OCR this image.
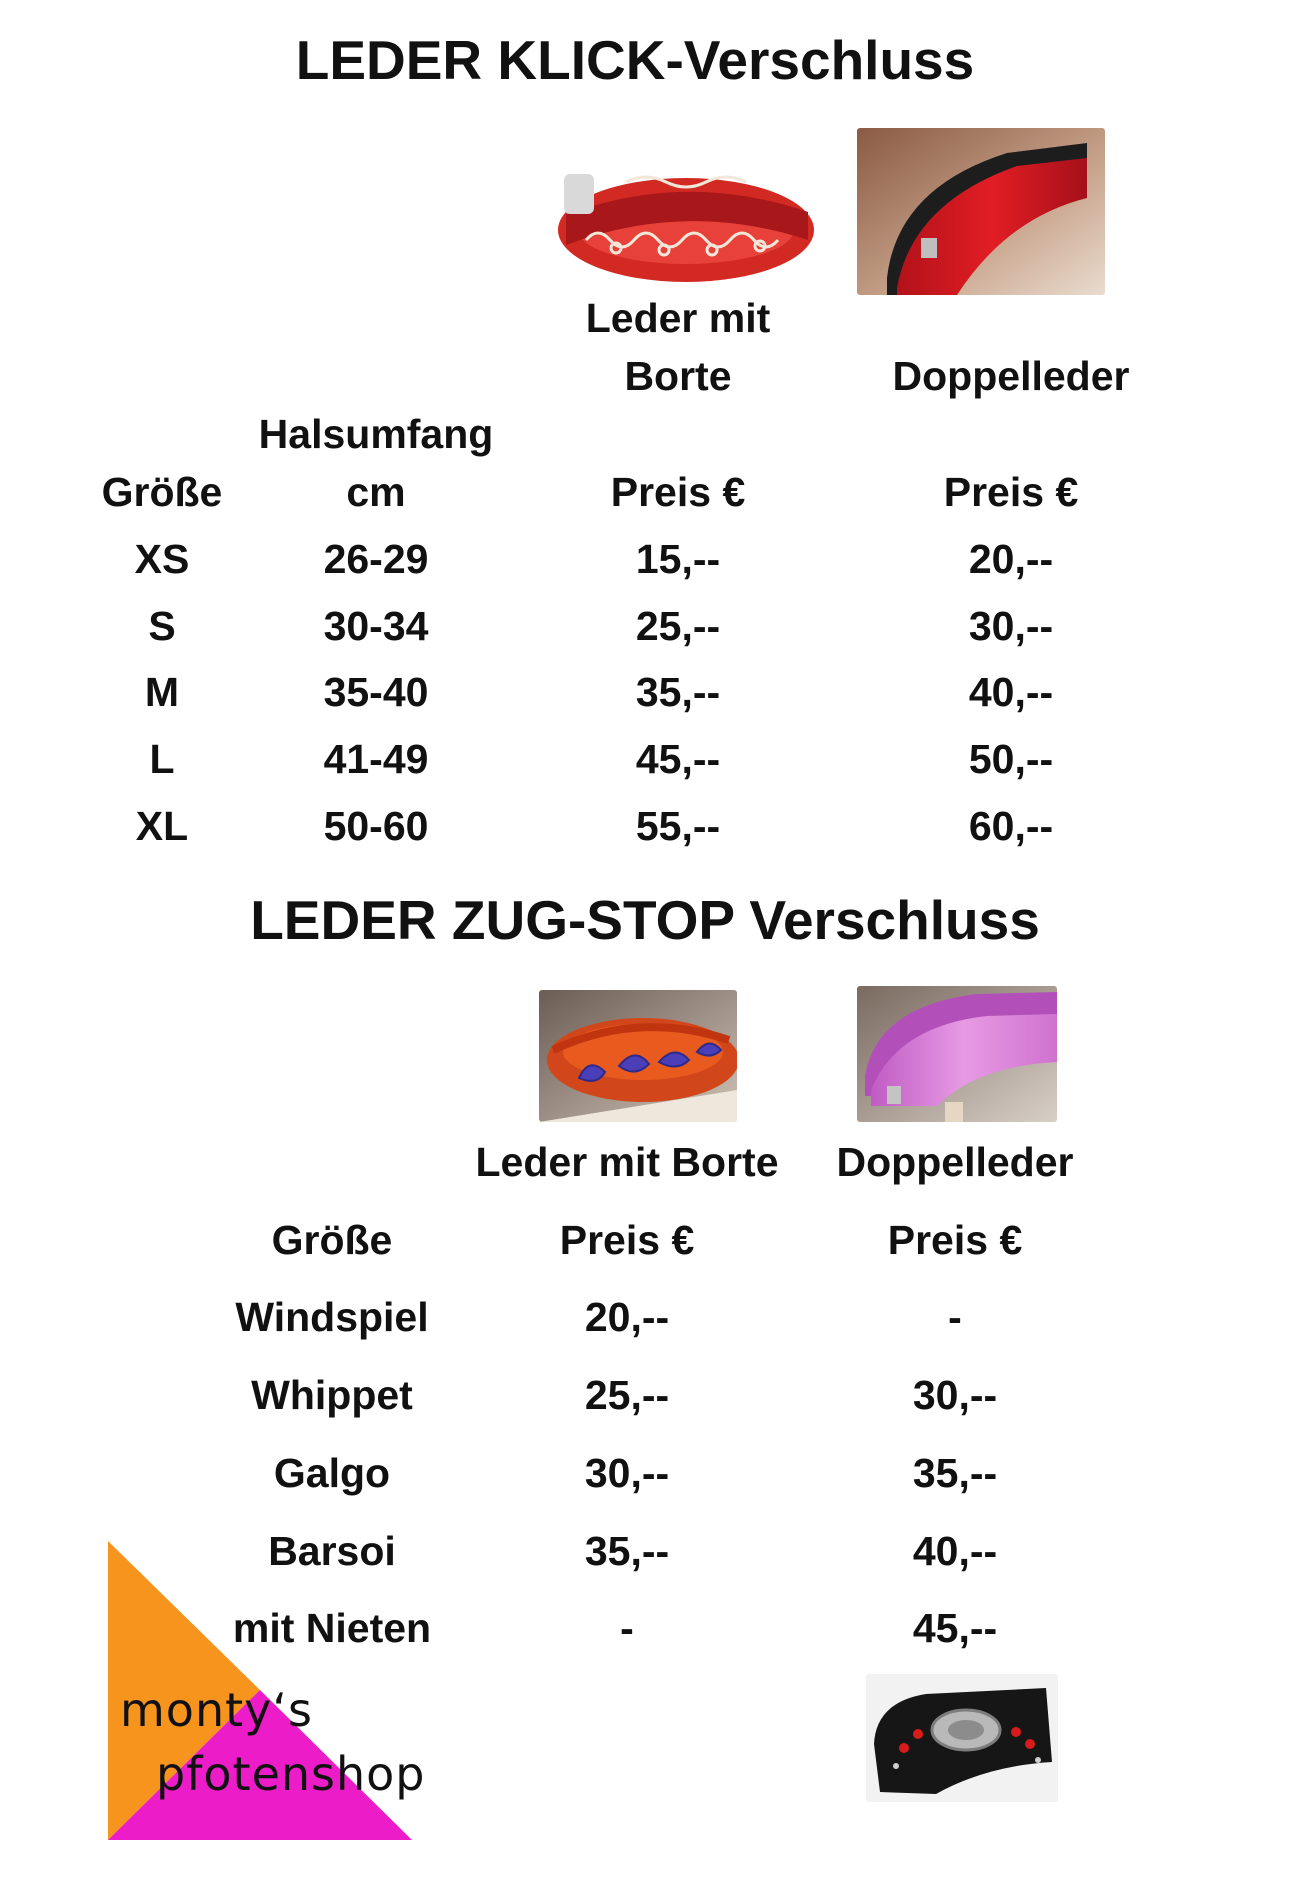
LEDER KLICK-Verschluss
Leder mit Borte	Doppelleder
Größe
Halsumfang cm	Preis €	Preis €
XS	26-29	15,--	20,--
S	30-34	25,--	30,--
M	35-40	35,--	40,--
L	41-49	45,--	50,--
XL	50-60	55,--	60,--
LEDER ZUG-STOP Verschluss
Leder mit Borte Doppelleder
Größe	Preis €	Preis €
Windspiel	20,--	-
Whippet	25,--	30,--
Galgo	30,--	35,--
Barsoi	35,--	40,--
mit Nieten	-	45,--
monty‘s
pfotenshop
